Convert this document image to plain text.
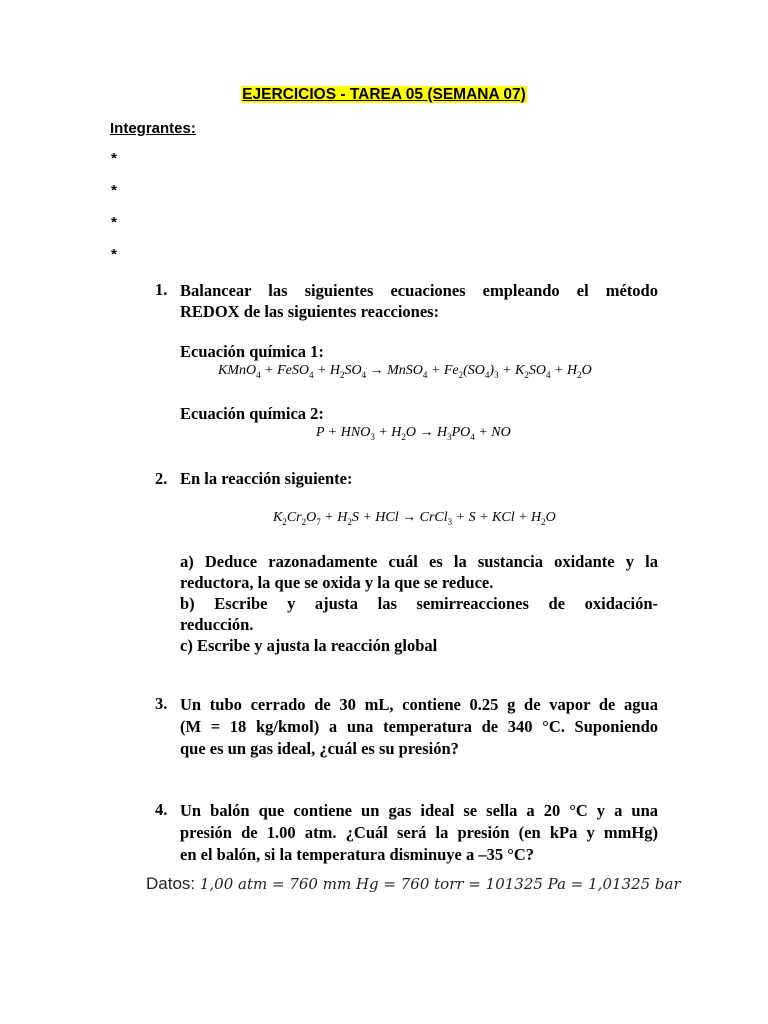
EJERCICIOS - TAREA 05 (SEMANA 07)
Integrantes:
*
*
*
*
1. Balancear las siguientes ecuaciones empleando el método
REDOX de las siguientes reacciones:
Ecuación química 1:
KMnO$_4$ + FeSO$_4$ + $H_2SO_4$ → MnSO$_4$ + $Fe_2(SO_4)_3 + K_2SO_4 + H_2O$
Ecuación química 2:
$P + HNO_3 + H_2O \to H_3PO_4$ + NO
2. En la reacción siguiente:
$K_2Cr_2O_7 + H_2S$ + HCl → CrCl$_3$ + S + KCl + $H_2O$
a) Deduce razonadamente cuál es la sustancia oxidante y la
reductora, la que se oxida y la que se reduce.
b) Escribe y ajusta las semirreacciones de oxidación-
reducción.
c) Escribe y ajusta la reacción global
3. Un tubo cerrado de 30 mL, contiene 0.25 g de vapor de agua
(M = 18 kg/kmol) a una temperatura de 340 °C. Suponiendo
que es un gas ideal, ¿cuál es su presión?
4. Un balón que contiene un gas ideal se sella a 20 °C y a una
presión de 1.00 atm. ¿Cuál será la presión (en kPa y mmHg)
en el balón, si la temperatura disminuye a –35 °C?
Datos: 1,00 atm = 760 mm Hg = 760 torr = 101325 Pa = 1,01325 bar
